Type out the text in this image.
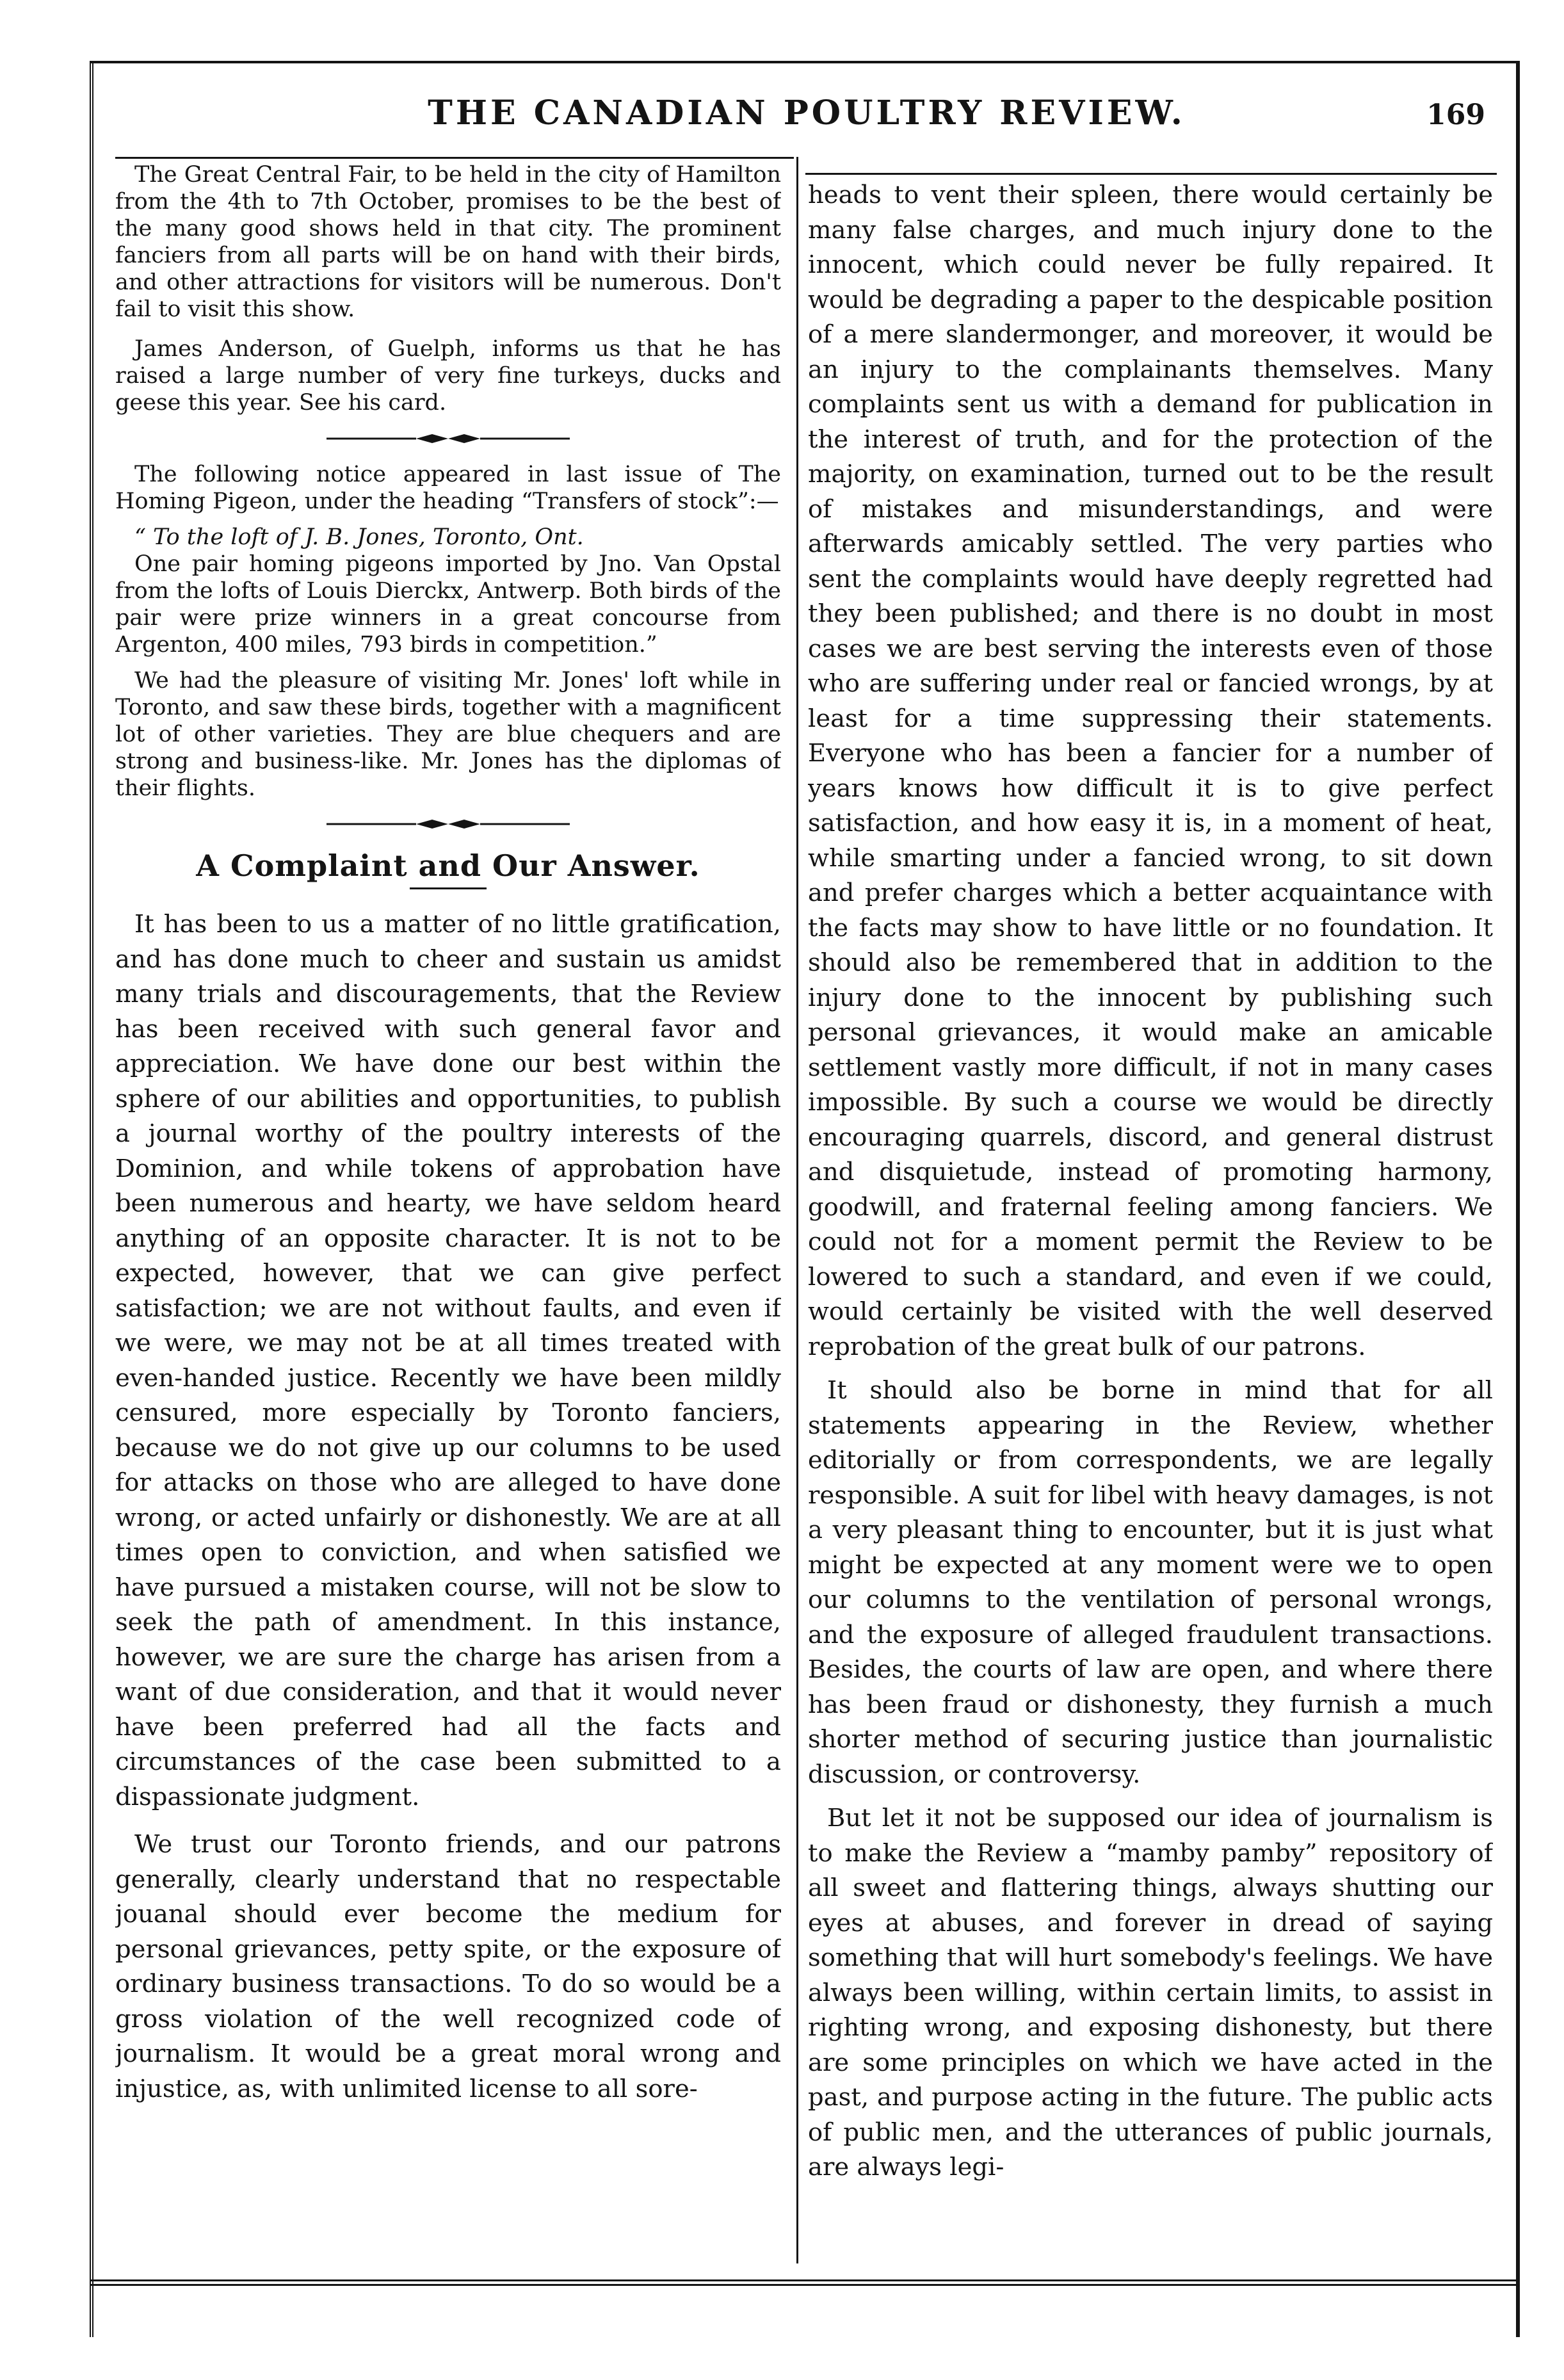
THE CANADIAN POULTRY REVIEW.	169

The Great Central Fair, to be held in the city of Hamilton from the 4th to 7th October, promises to be the best of the many good shows held in that city. The prominent fanciers from all parts will be on hand with their birds, and other attractions for visitors will be numerous. Don't fail to visit this show.

James Anderson, of Guelph, informs us that he has raised a large number of very fine turkeys, ducks and geese this year. See his card.

The following notice appeared in last issue of The Homing Pigeon, under the heading “Transfers of stock”:—

“ To the loft of J. B. Jones, Toronto, Ont.

One pair homing pigeons imported by Jno. Van Opstal from the lofts of Louis Dierckx, Antwerp. Both birds of the pair were prize winners in a great concourse from Argenton, 400 miles, 793 birds in competition.”

We had the pleasure of visiting Mr. Jones' loft while in Toronto, and saw these birds, together with a magnificent lot of other varieties. They are blue chequers and are strong and business-like. Mr. Jones has the diplomas of their flights.

A Complaint and Our Answer.

It has been to us a matter of no little gratification, and has done much to cheer and sustain us amidst many trials and discouragements, that the Review has been received with such general favor and appreciation. We have done our best within the sphere of our abilities and opportunities, to publish a journal worthy of the poultry interests of the Dominion, and while tokens of approbation have been numerous and hearty, we have seldom heard anything of an opposite character. It is not to be expected, however, that we can give perfect satisfaction; we are not without faults, and even if we were, we may not be at all times treated with even-handed justice. Recently we have been mildly censured, more especially by Toronto fanciers, because we do not give up our columns to be used for attacks on those who are alleged to have done wrong, or acted unfairly or dishonestly. We are at all times open to conviction, and when satisfied we have pursued a mistaken course, will not be slow to seek the path of amendment. In this instance, however, we are sure the charge has arisen from a want of due consideration, and that it would never have been preferred had all the facts and circumstances of the case been submitted to a dispassionate judgment.

We trust our Toronto friends, and our patrons generally, clearly understand that no respectable jouanal should ever become the medium for personal grievances, petty spite, or the exposure of ordinary business transactions. To do so would be a gross violation of the well recognized code of journalism. It would be a great moral wrong and injustice, as, with unlimited license to all sore-

heads to vent their spleen, there would certainly be many false charges, and much injury done to the innocent, which could never be fully repaired. It would be degrading a paper to the despicable position of a mere slandermonger, and moreover, it would be an injury to the complainants themselves. Many complaints sent us with a demand for publication in the interest of truth, and for the protection of the majority, on examination, turned out to be the result of mistakes and misunderstandings, and were afterwards amicably settled. The very parties who sent the complaints would have deeply regretted had they been published; and there is no doubt in most cases we are best serving the interests even of those who are suffering under real or fancied wrongs, by at least for a time suppressing their statements. Everyone who has been a fancier for a number of years knows how difficult it is to give perfect satisfaction, and how easy it is, in a moment of heat, while smarting under a fancied wrong, to sit down and prefer charges which a better acquaintance with the facts may show to have little or no foundation. It should also be remembered that in addition to the injury done to the innocent by publishing such personal grievances, it would make an amicable settlement vastly more difficult, if not in many cases impossible. By such a course we would be directly encouraging quarrels, discord, and general distrust and disquietude, instead of promoting harmony, goodwill, and fraternal feeling among fanciers. We could not for a moment permit the Review to be lowered to such a standard, and even if we could, would certainly be visited with the well deserved reprobation of the great bulk of our patrons.

It should also be borne in mind that for all statements appearing in the Review, whether editorially or from correspondents, we are legally responsible. A suit for libel with heavy damages, is not a very pleasant thing to encounter, but it is just what might be expected at any moment were we to open our columns to the ventilation of personal wrongs, and the exposure of alleged fraudulent transactions. Besides, the courts of law are open, and where there has been fraud or dishonesty, they furnish a much shorter method of securing justice than journalistic discussion, or controversy.

But let it not be supposed our idea of journalism is to make the Review a “mamby pamby” repository of all sweet and flattering things, always shutting our eyes at abuses, and forever in dread of saying something that will hurt somebody's feelings. We have always been willing, within certain limits, to assist in righting wrong, and exposing dishonesty, but there are some principles on which we have acted in the past, and purpose acting in the future. The public acts of public men, and the utterances of public journals, are always legi-
